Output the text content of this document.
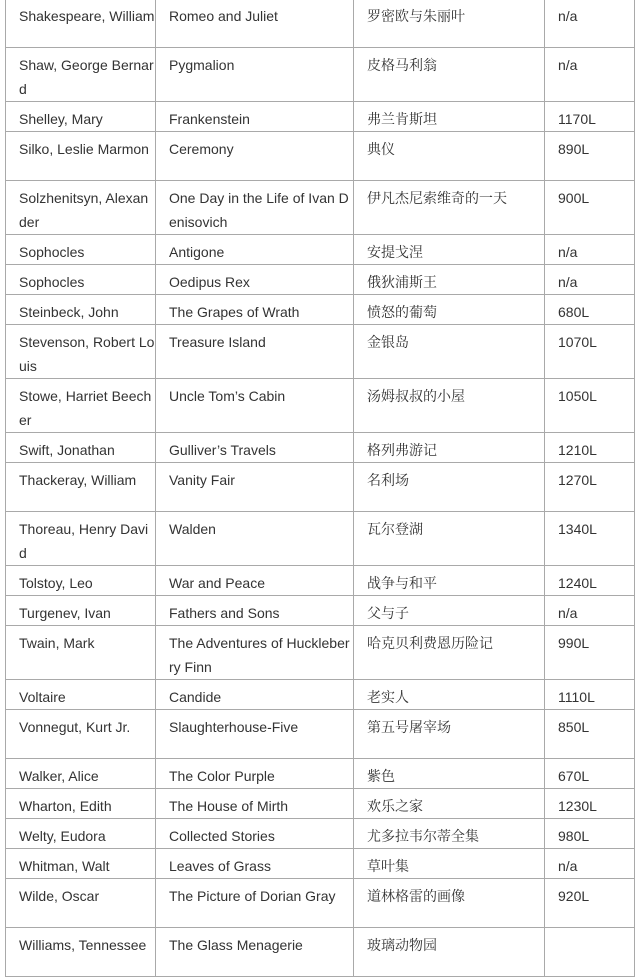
Shakespeare, William	Romeo and Juliet	罗密欧与朱丽叶	n/a
Shaw, George Bernard	Pygmalion	皮格马利翁	n/a
Shelley, Mary	Frankenstein	弗兰肯斯坦	1170L
Silko, Leslie Marmon	Ceremony	典仪	890L
Solzhenitsyn, Alexander	One Day in the Life of Ivan Denisovich	伊凡杰尼索维奇的一天	900L
Sophocles	Antigone	安提戈涅	n/a
Sophocles	Oedipus Rex	俄狄浦斯王	n/a
Steinbeck, John	The Grapes of Wrath	愤怒的葡萄	680L
Stevenson, Robert Louis	Treasure Island	金银岛	1070L
Stowe, Harriet Beecher	Uncle Tom’s Cabin	汤姆叔叔的小屋	1050L
Swift, Jonathan	Gulliver’s Travels	格列弗游记	1210L
Thackeray, William	Vanity Fair	名利场	1270L
Thoreau, Henry David	Walden	瓦尔登湖	1340L
Tolstoy, Leo	War and Peace	战争与和平	1240L
Turgenev, Ivan	Fathers and Sons	父与子	n/a
Twain, Mark	The Adventures of Huckleberry Finn	哈克贝利费恩历险记	990L
Voltaire	Candide	老实人	1110L
Vonnegut, Kurt Jr.	Slaughterhouse-Five	第五号屠宰场	850L
Walker, Alice	The Color Purple	紫色	670L
Wharton, Edith	The House of Mirth	欢乐之家	1230L
Welty, Eudora	Collected Stories	尤多拉韦尔蒂全集	980L
Whitman, Walt	Leaves of Grass	草叶集	n/a
Wilde, Oscar	The Picture of Dorian Gray	道林格雷的画像	920L
Williams, Tennessee	The Glass Menagerie	玻璃动物园	
